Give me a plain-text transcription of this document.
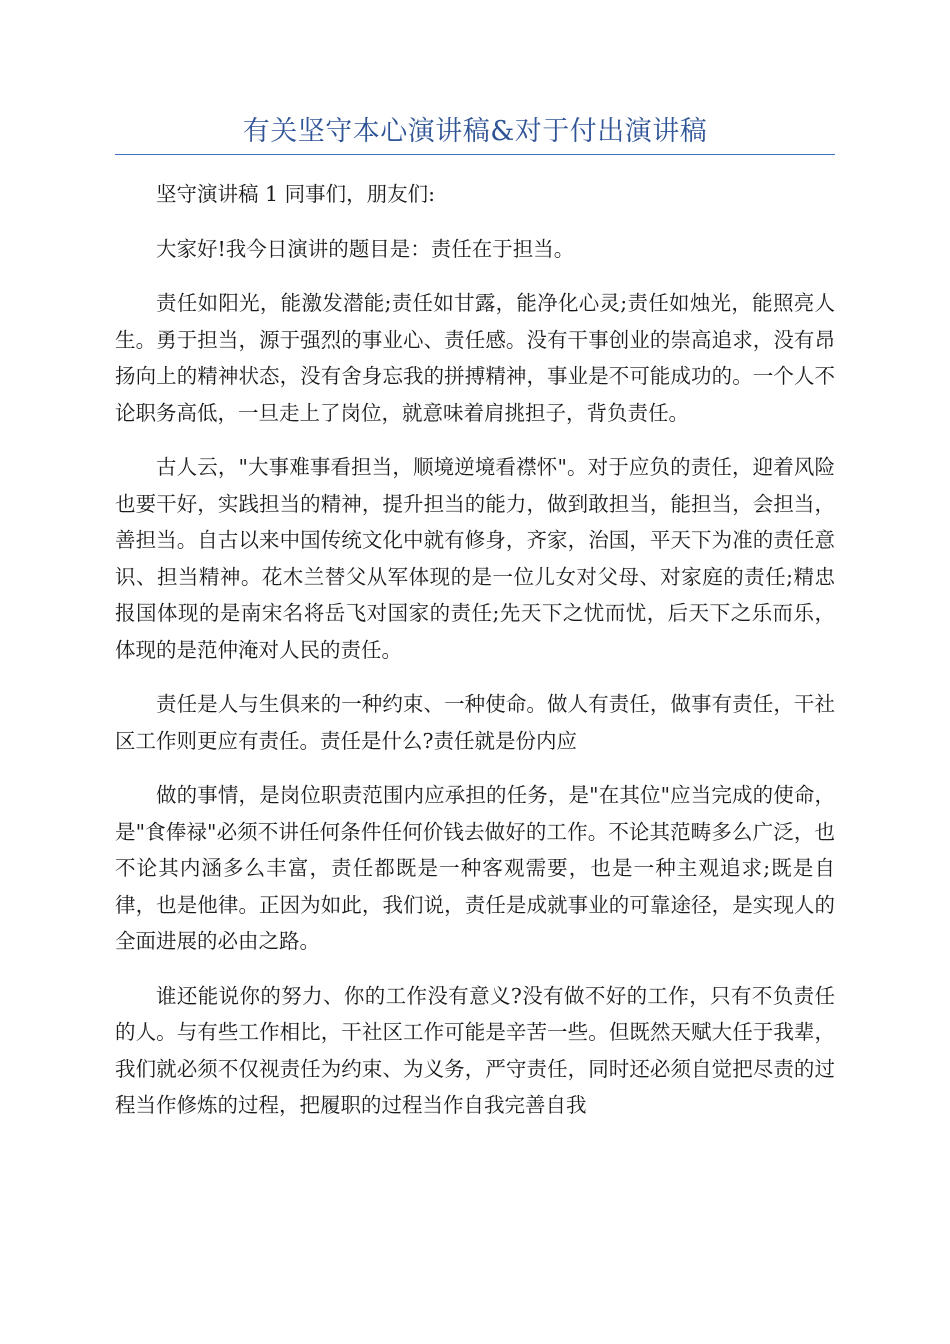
有关坚守本心演讲稿&对于付出演讲稿

坚守演讲稿 1 同事们，朋友们:

大家好!我今日演讲的题目是：责任在于担当。

责任如阳光，能激发潜能;责任如甘露，能净化心灵;责任如烛光，能照亮人生。勇于担当，源于强烈的事业心、责任感。没有干事创业的崇高追求，没有昂扬向上的精神状态，没有舍身忘我的拼搏精神，事业是不可能成功的。一个人不论职务高低，一旦走上了岗位，就意味着肩挑担子，背负责任。

古人云，"大事难事看担当，顺境逆境看襟怀"。对于应负的责任，迎着风险也要干好，实践担当的精神，提升担当的能力，做到敢担当，能担当，会担当，善担当。自古以来中国传统文化中就有修身，齐家，治国，平天下为准的责任意识、担当精神。花木兰替父从军体现的是一位儿女对父母、对家庭的责任;精忠报国体现的是南宋名将岳飞对国家的责任;先天下之忧而忧，后天下之乐而乐，体现的是范仲淹对人民的责任。

责任是人与生俱来的一种约束、一种使命。做人有责任，做事有责任，干社区工作则更应有责任。责任是什么?责任就是份内应

做的事情，是岗位职责范围内应承担的任务，是"在其位"应当完成的使命，是"食俸禄"必须不讲任何条件任何价钱去做好的工作。不论其范畴多么广泛，也不论其内涵多么丰富，责任都既是一种客观需要，也是一种主观追求;既是自律，也是他律。正因为如此，我们说，责任是成就事业的可靠途径，是实现人的全面进展的必由之路。

谁还能说你的努力、你的工作没有意义?没有做不好的工作，只有不负责任的人。与有些工作相比，干社区工作可能是辛苦一些。但既然天赋大任于我辈，我们就必须不仅视责任为约束、为义务，严守责任，同时还必须自觉把尽责的过程当作修炼的过程，把履职的过程当作自我完善自我
